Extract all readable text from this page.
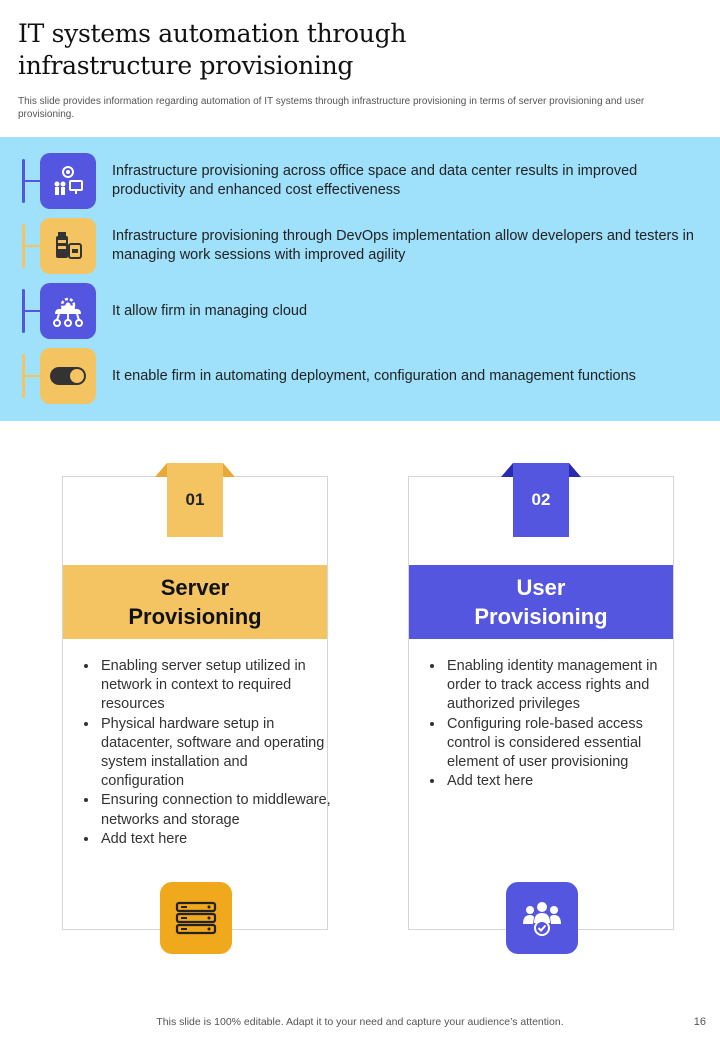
IT systems automation through infrastructure provisioning
This slide provides information regarding automation of IT systems through infrastructure provisioning in terms of server provisioning and user provisioning.
Infrastructure provisioning across office space and data center results in improved productivity and enhanced cost effectiveness
Infrastructure provisioning through DevOps implementation allow developers and testers in managing work sessions with improved agility
It allow firm in managing cloud
It enable firm in automating deployment, configuration and management functions
01
Server
Provisioning
• Enabling server setup utilized in network in context to required resources
• Physical hardware setup in datacenter, software and operating system installation and configuration
• Ensuring connection to middleware, networks and storage
• Add text here
02
User
Provisioning
• Enabling identity management in order to track access rights and authorized privileges
• Configuring role-based access control is considered essential element of user provisioning
• Add text here
This slide is 100% editable. Adapt it to your need and capture your audience’s attention.	16
